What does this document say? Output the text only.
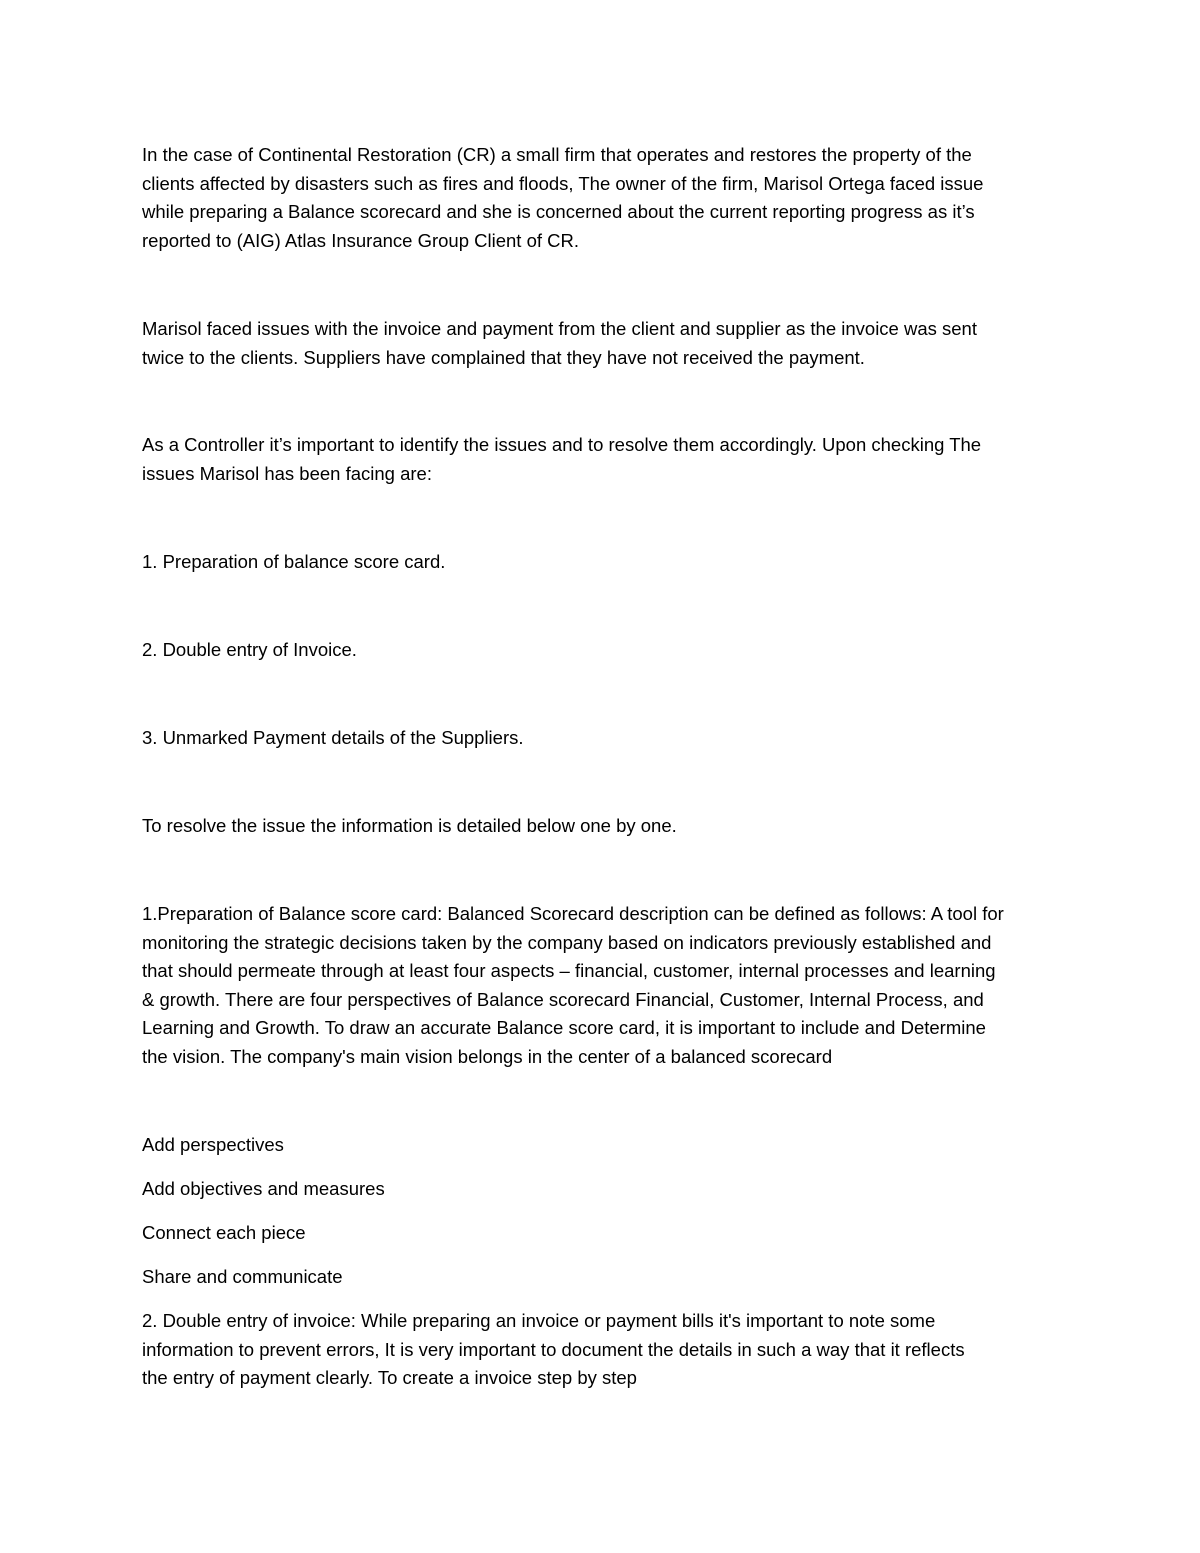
In the case of Continental Restoration (CR) a small firm that operates and restores the property of the
clients affected by disasters such as fires and floods, The owner of the firm, Marisol Ortega faced issue
while preparing a Balance scorecard and she is concerned about the current reporting progress as it’s
reported to (AIG) Atlas Insurance Group Client of CR.

Marisol faced issues with the invoice and payment from the client and supplier as the invoice was sent
twice to the clients. Suppliers have complained that they have not received the payment.

As a Controller it’s important to identify the issues and to resolve them accordingly. Upon checking The
issues Marisol has been facing are:

1. Preparation of balance score card.

2. Double entry of Invoice.

3. Unmarked Payment details of the Suppliers.

To resolve the issue the information is detailed below one by one.

1.Preparation of Balance score card: Balanced Scorecard description can be defined as follows: A tool for
monitoring the strategic decisions taken by the company based on indicators previously established and
that should permeate through at least four aspects – financial, customer, internal processes and learning
& growth. There are four perspectives of Balance scorecard Financial, Customer, Internal Process, and
Learning and Growth. To draw an accurate Balance score card, it is important to include and Determine
the vision. The company's main vision belongs in the center of a balanced scorecard

Add perspectives

Add objectives and measures

Connect each piece

Share and communicate

2. Double entry of invoice: While preparing an invoice or payment bills it's important to note some
information to prevent errors, It is very important to document the details in such a way that it reflects
the entry of payment clearly. To create a invoice step by step
